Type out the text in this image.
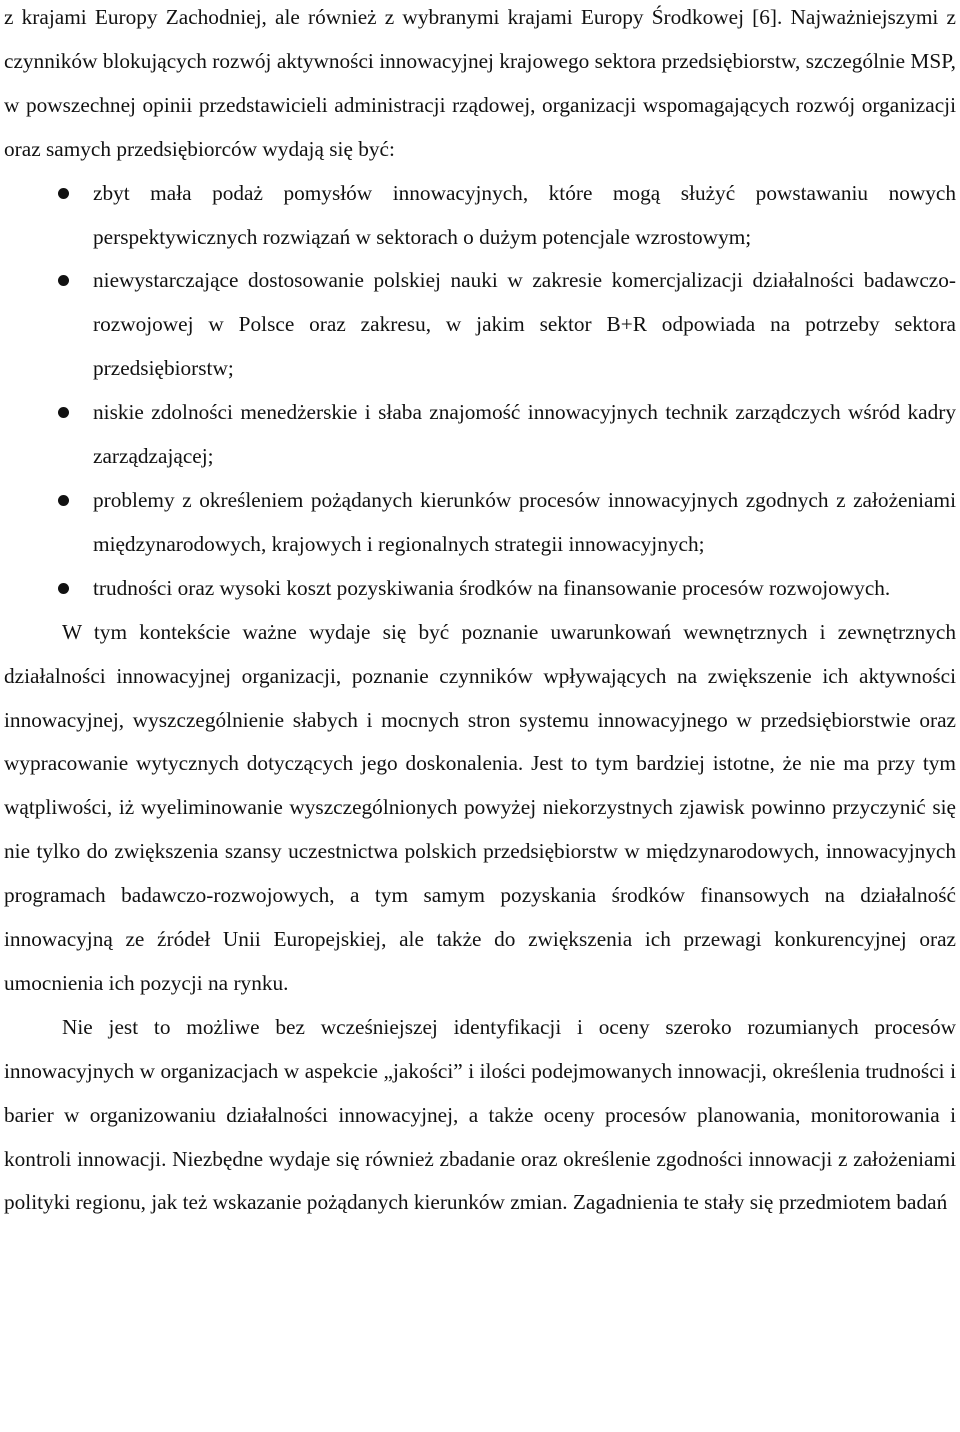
z krajami Europy Zachodniej, ale również z wybranymi krajami Europy Środkowej [6]. Najważniejszymi z czynników blokujących rozwój aktywności innowacyjnej krajowego sektora przedsiębiorstw, szczególnie MSP, w powszechnej opinii przedstawicieli administracji rządowej, organizacji wspomagających rozwój organizacji oraz samych przedsiębiorców wydają się być:

zbyt mała podaż pomysłów innowacyjnych, które mogą służyć powstawaniu nowych perspektywicznych rozwiązań w sektorach o dużym potencjale wzrostowym;
niewystarczające dostosowanie polskiej nauki w zakresie komercjalizacji działalności badawczo-rozwojowej w Polsce oraz zakresu, w jakim sektor B+R odpowiada na potrzeby sektora przedsiębiorstw;
niskie zdolności menedżerskie i słaba znajomość innowacyjnych technik zarządczych wśród kadry zarządzającej;
problemy z określeniem pożądanych kierunków procesów innowacyjnych zgodnych z założeniami międzynarodowych, krajowych i regionalnych strategii innowacyjnych;
trudności oraz wysoki koszt pozyskiwania środków na finansowanie procesów rozwojowych.

W tym kontekście ważne wydaje się być poznanie uwarunkowań wewnętrznych i zewnętrznych działalności innowacyjnej organizacji, poznanie czynników wpływających na zwiększenie ich aktywności innowacyjnej, wyszczególnienie słabych i mocnych stron systemu innowacyjnego w przedsiębiorstwie oraz wypracowanie wytycznych dotyczących jego doskonalenia. Jest to tym bardziej istotne, że nie ma przy tym wątpliwości, iż wyeliminowanie wyszczególnionych powyżej niekorzystnych zjawisk powinno przyczynić się nie tylko do zwiększenia szansy uczestnictwa polskich przedsiębiorstw w międzynarodowych, innowacyjnych programach badawczo-rozwojowych, a tym samym pozyskania środków finansowych na działalność innowacyjną ze źródeł Unii Europejskiej, ale także do zwiększenia ich przewagi konkurencyjnej oraz umocnienia ich pozycji na rynku.

Nie jest to możliwe bez wcześniejszej identyfikacji i oceny szeroko rozumianych procesów innowacyjnych w organizacjach w aspekcie „jakości” i ilości podejmowanych innowacji, określenia trudności i barier w organizowaniu działalności innowacyjnej, a także oceny procesów planowania, monitorowania i kontroli innowacji. Niezbędne wydaje się również zbadanie oraz określenie zgodności innowacji z założeniami polityki regionu, jak też wskazanie pożądanych kierunków zmian. Zagadnienia te stały się przedmiotem badań
